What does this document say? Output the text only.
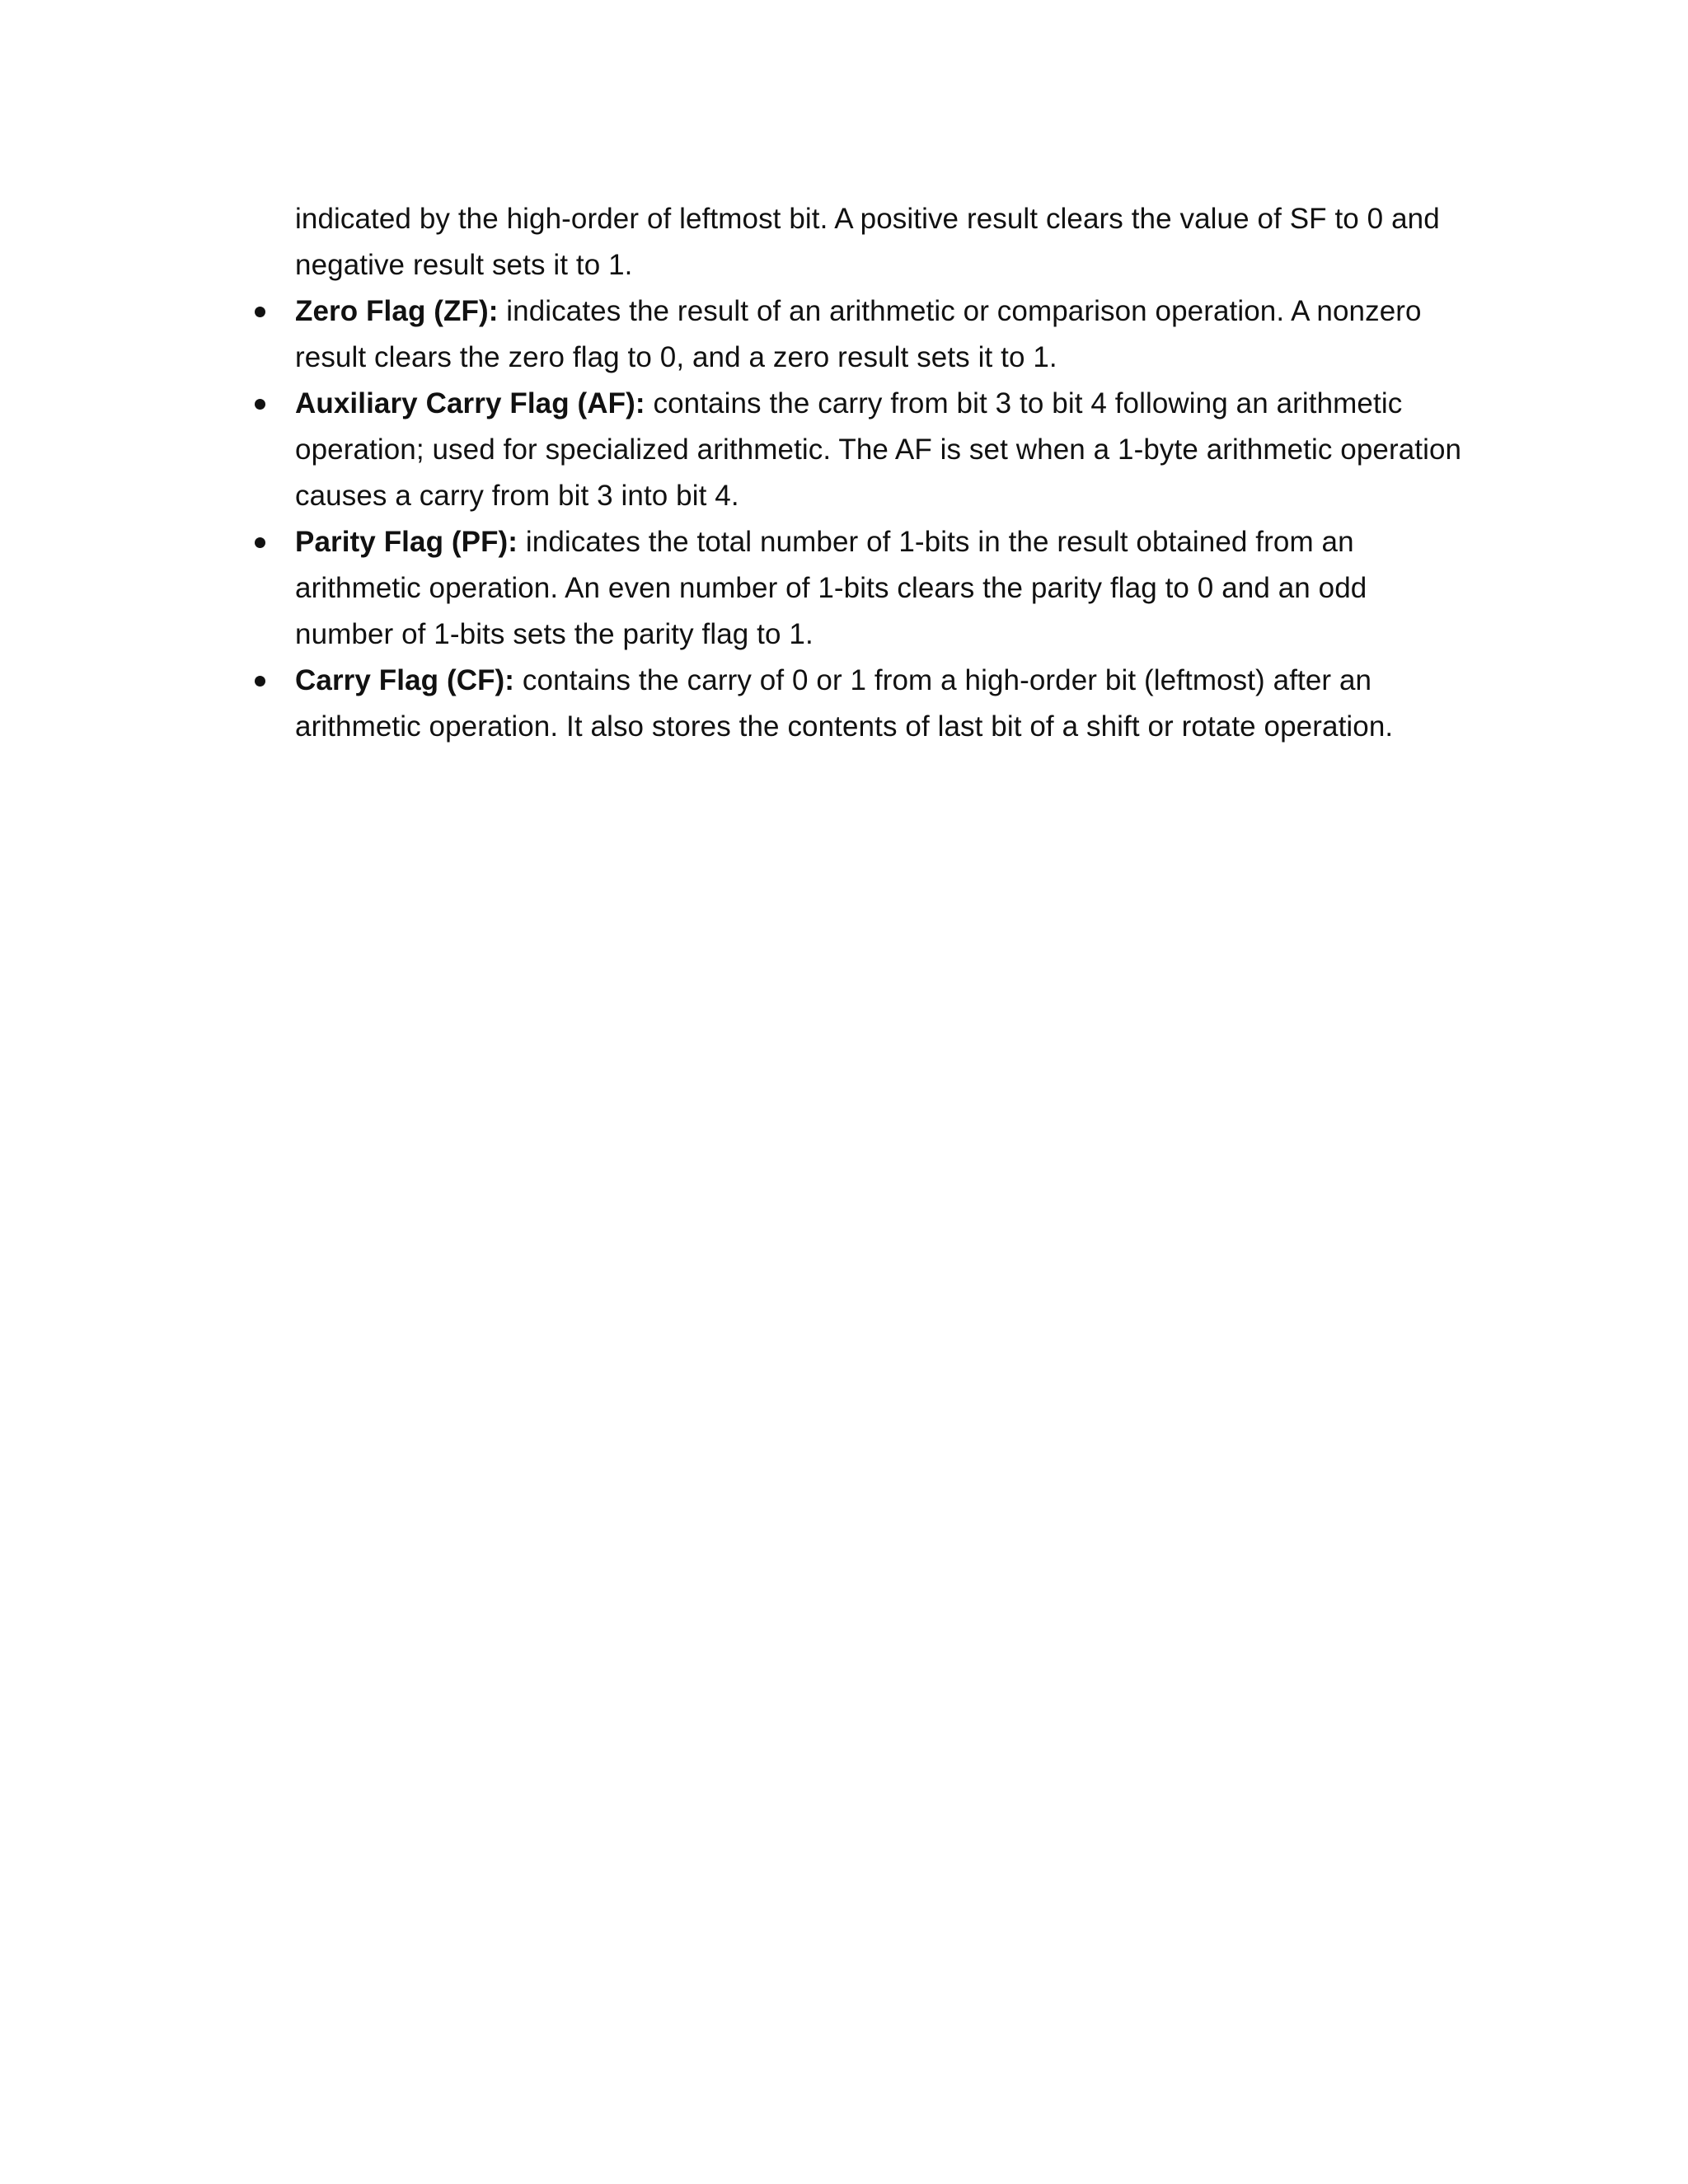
indicated by the high-order of leftmost bit. A positive result clears the value of SF to 0 and negative result sets it to 1.

Zero Flag (ZF): indicates the result of an arithmetic or comparison operation. A nonzero result clears the zero flag to 0, and a zero result sets it to 1.
Auxiliary Carry Flag (AF): contains the carry from bit 3 to bit 4 following an arithmetic operation; used for specialized arithmetic. The AF is set when a 1-byte arithmetic operation causes a carry from bit 3 into bit 4.
Parity Flag (PF): indicates the total number of 1-bits in the result obtained from an arithmetic operation. An even number of 1-bits clears the parity flag to 0 and an odd number of 1-bits sets the parity flag to 1.
Carry Flag (CF): contains the carry of 0 or 1 from a high-order bit (leftmost) after an arithmetic operation. It also stores the contents of last bit of a shift or rotate operation.
